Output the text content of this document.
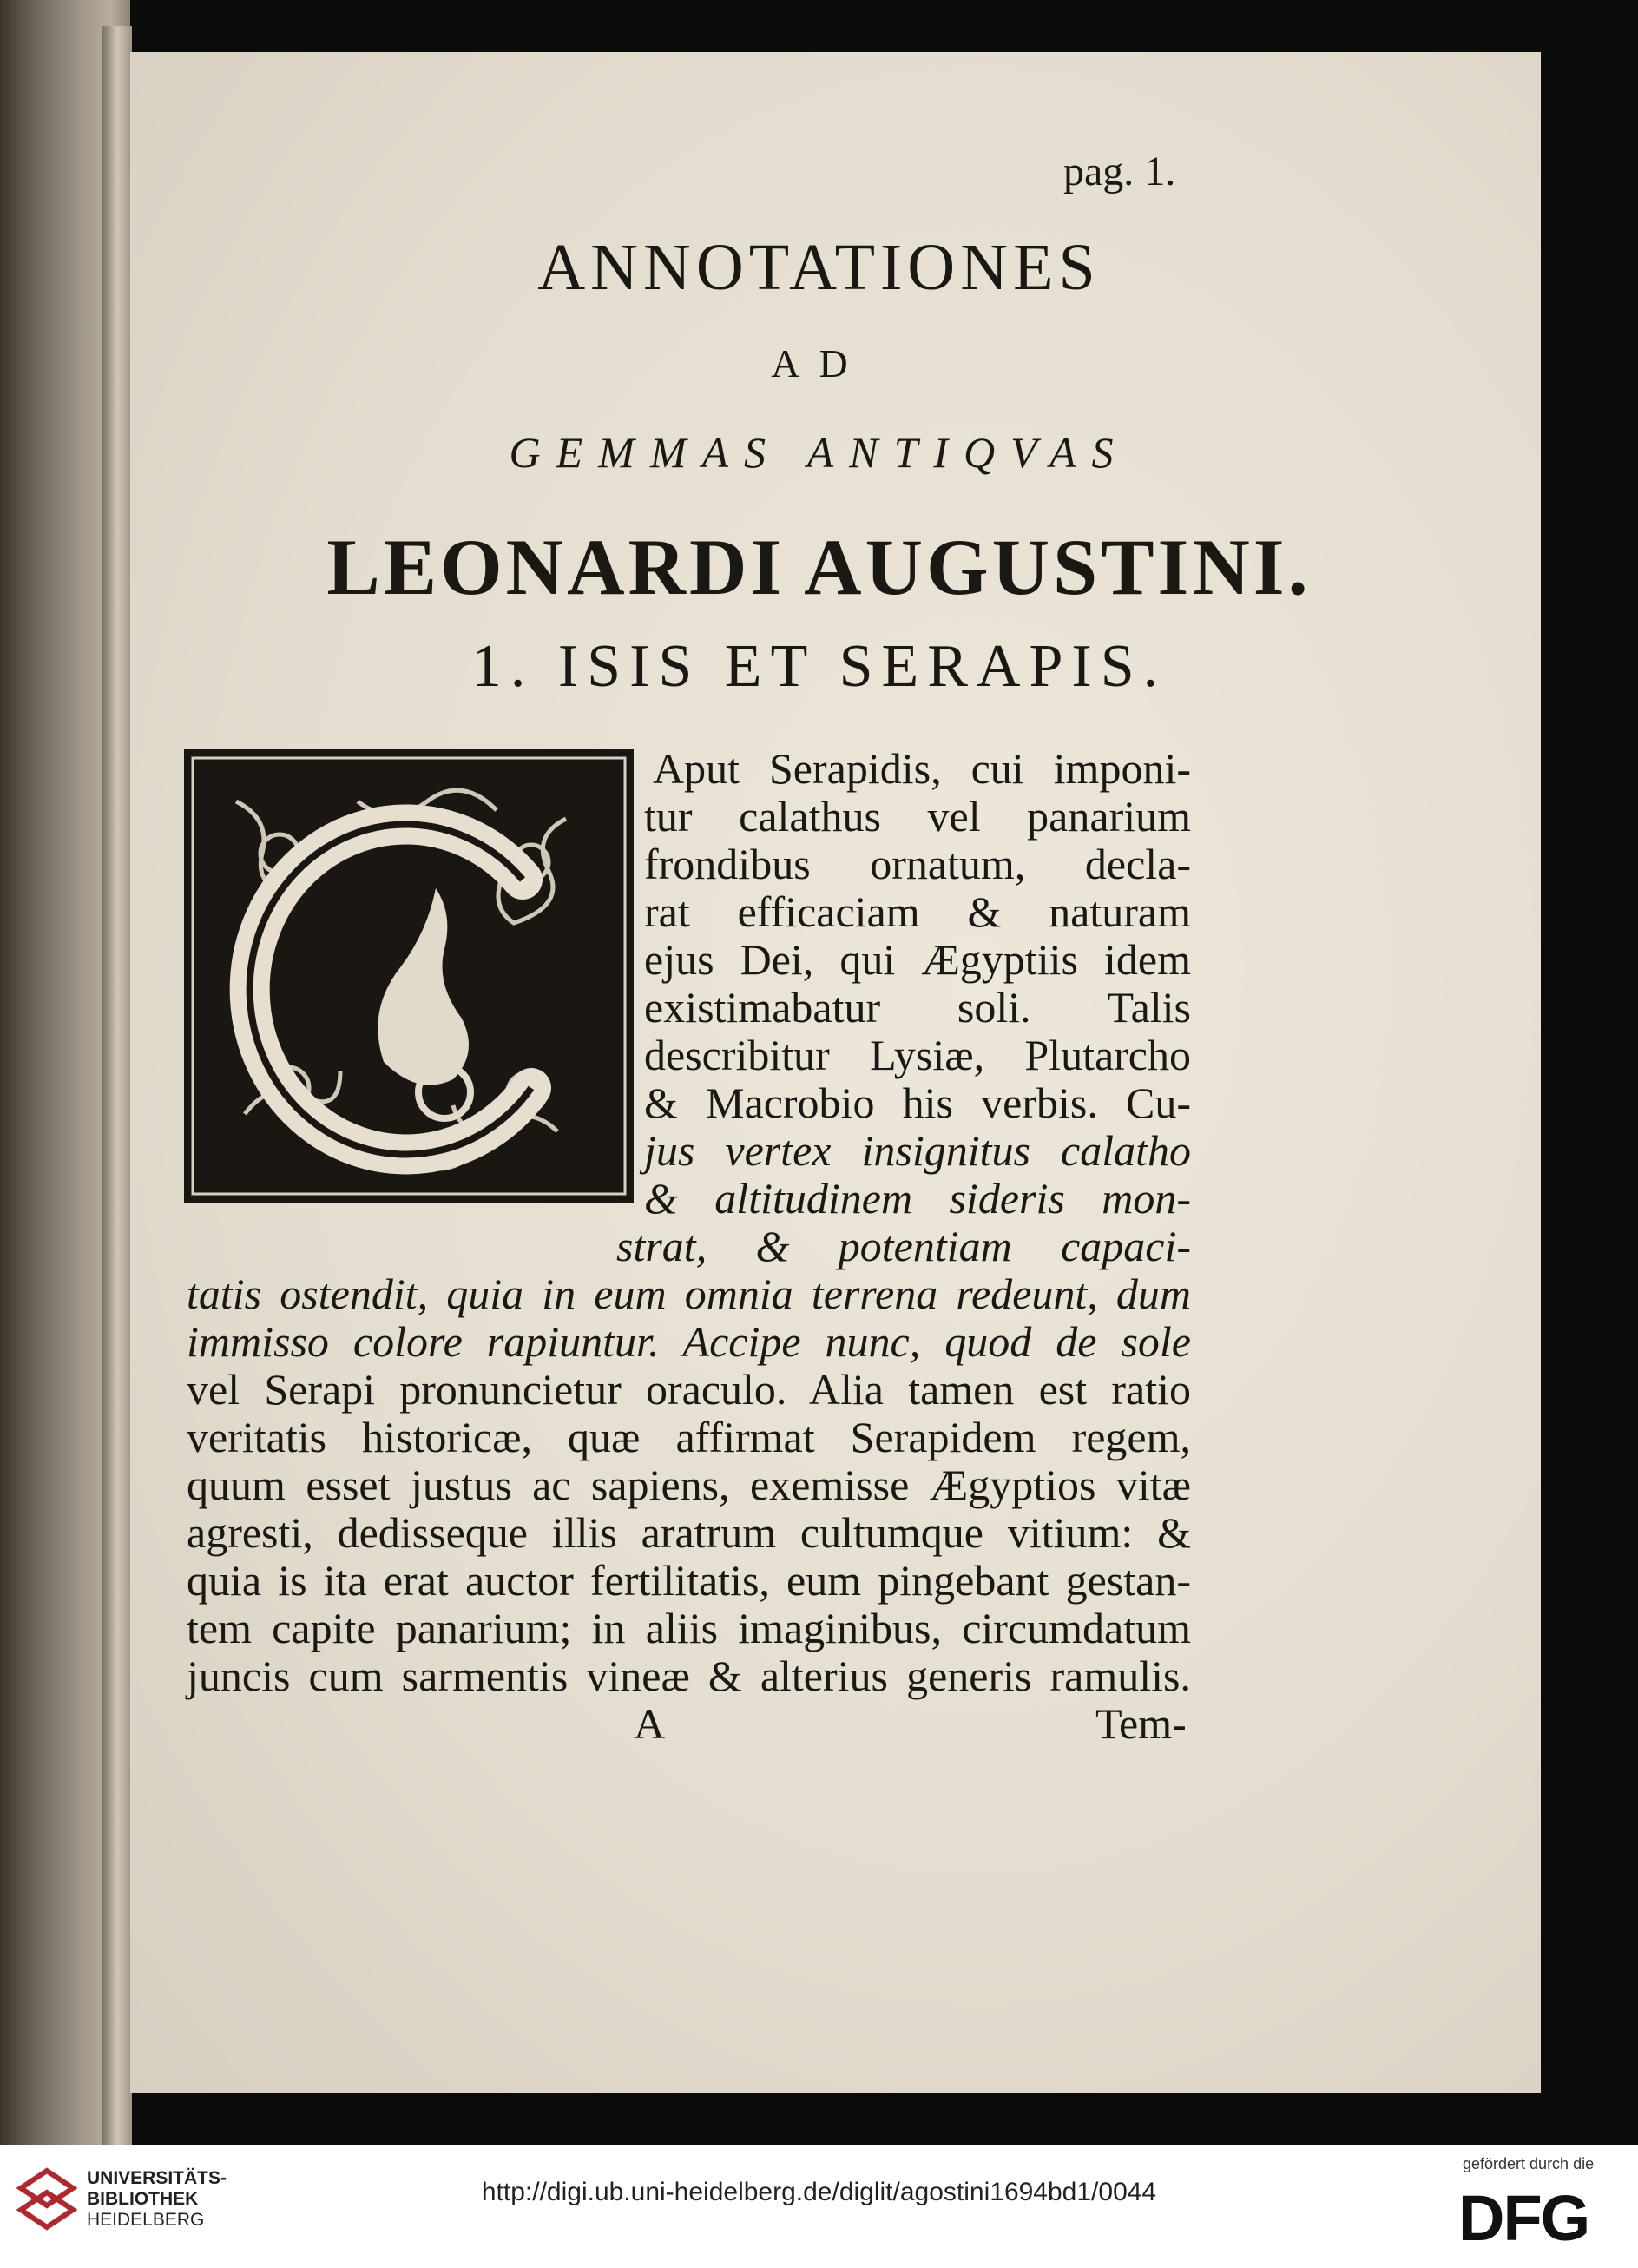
pag. 1.

ANNOTATIONES

AD

GEMMAS ANTIQVAS

LEONARDI AUGUSTINI.

1. ISIS ET SERAPIS.

Aput Serapidis, cui imponi-

tur calathus vel panarium

frondibus ornatum, decla-

rat efficaciam & naturam

ejus Dei, qui Ægyptiis idem

existimabatur soli. Talis

describitur Lysiæ, Plutarcho

& Macrobio his verbis. Cu-

jus vertex insignitus calatho

& altitudinem sideris mon-

strat, & potentiam capaci-

tatis ostendit, quia in eum omnia terrena redeunt, dum

immisso colore rapiuntur. Accipe nunc, quod de sole

vel Serapi pronuncietur oraculo. Alia tamen est ratio

veritatis historicæ, quæ affirmat Serapidem regem,

quum esset justus ac sapiens, exemisse Ægyptios vitæ

agresti, dedisseque illis aratrum cultumque vitium: &

quia is ita erat auctor fertilitatis, eum pingebant gestan-

tem capite panarium; in aliis imaginibus, circumdatum

juncis cum sarmentis vineæ & alterius generis ramulis.

A	Tem-

UNIVERSITÄTS-
BIBLIOTHEK
HEIDELBERG
http://digi.ub.uni-heidelberg.de/diglit/agostini1694bd1/0044
gefördert durch die
DFG
